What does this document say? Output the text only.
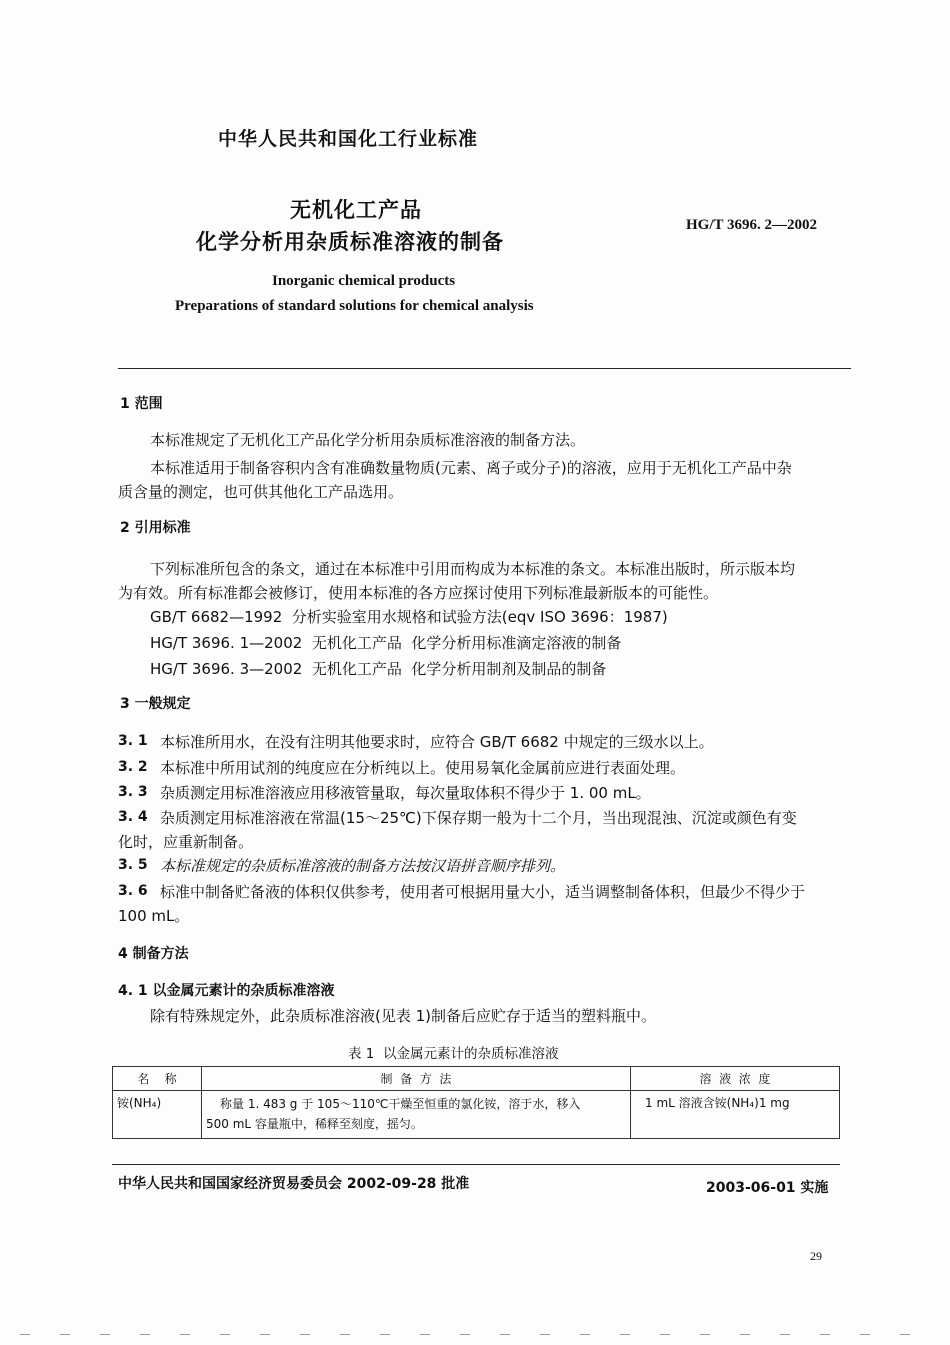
中华人民共和国化工行业标准
无机化工产品
化学分析用杂质标准溶液的制备
HG/T 3696. 2—2002
Inorganic chemical products
Preparations of standard solutions for chemical analysis
1 范围
本标准规定了无机化工产品化学分析用杂质标准溶液的制备方法。
本标准适用于制备容积内含有准确数量物质(元素、离子或分子)的溶液，应用于无机化工产品中杂
质含量的测定，也可供其他化工产品选用。
2 引用标准
下列标准所包含的条文，通过在本标准中引用而构成为本标准的条文。本标准出版时，所示版本均
为有效。所有标准都会被修订，使用本标准的各方应探讨使用下列标准最新版本的可能性。
GB/T 6682—1992  分析实验室用水规格和试验方法(eqv ISO 3696：1987)
HG/T 3696. 1—2002  无机化工产品  化学分析用标准滴定溶液的制备
HG/T 3696. 3—2002  无机化工产品  化学分析用制剂及制品的制备
3 一般规定
3. 1 本标准所用水，在没有注明其他要求时，应符合 GB/T 6682 中规定的三级水以上。
3. 2 本标准中所用试剂的纯度应在分析纯以上。使用易氧化金属前应进行表面处理。
3. 3 杂质测定用标准溶液应用移液管量取，每次量取体积不得少于 1. 00 mL。
3. 4 杂质测定用标准溶液在常温(15～25℃)下保存期一般为十二个月，当出现混浊、沉淀或颜色有变
化时，应重新制备。
3. 5 本标准规定的杂质标准溶液的制备方法按汉语拼音顺序排列。
3. 6 标准中制备贮备液的体积仅供参考，使用者可根据用量大小，适当调整制备体积，但最少不得少于
100 mL。
4 制备方法
4. 1 以金属元素计的杂质标准溶液
除有特殊规定外，此杂质标准溶液(见表 1)制备后应贮存于适当的塑料瓶中。
表 1  以金属元素计的杂质标准溶液
名    称	制  备  方  法	溶  液  浓  度
铵(NH₄)	称量 1. 483 g 于 105～110℃干燥至恒重的氯化铵，溶于水，移入
500 mL 容量瓶中，稀释至刻度，摇匀。	1 mL 溶液含铵(NH₄)1 mg
中华人民共和国国家经济贸易委员会 2002-09-28 批准	2003-06-01 实施
29
